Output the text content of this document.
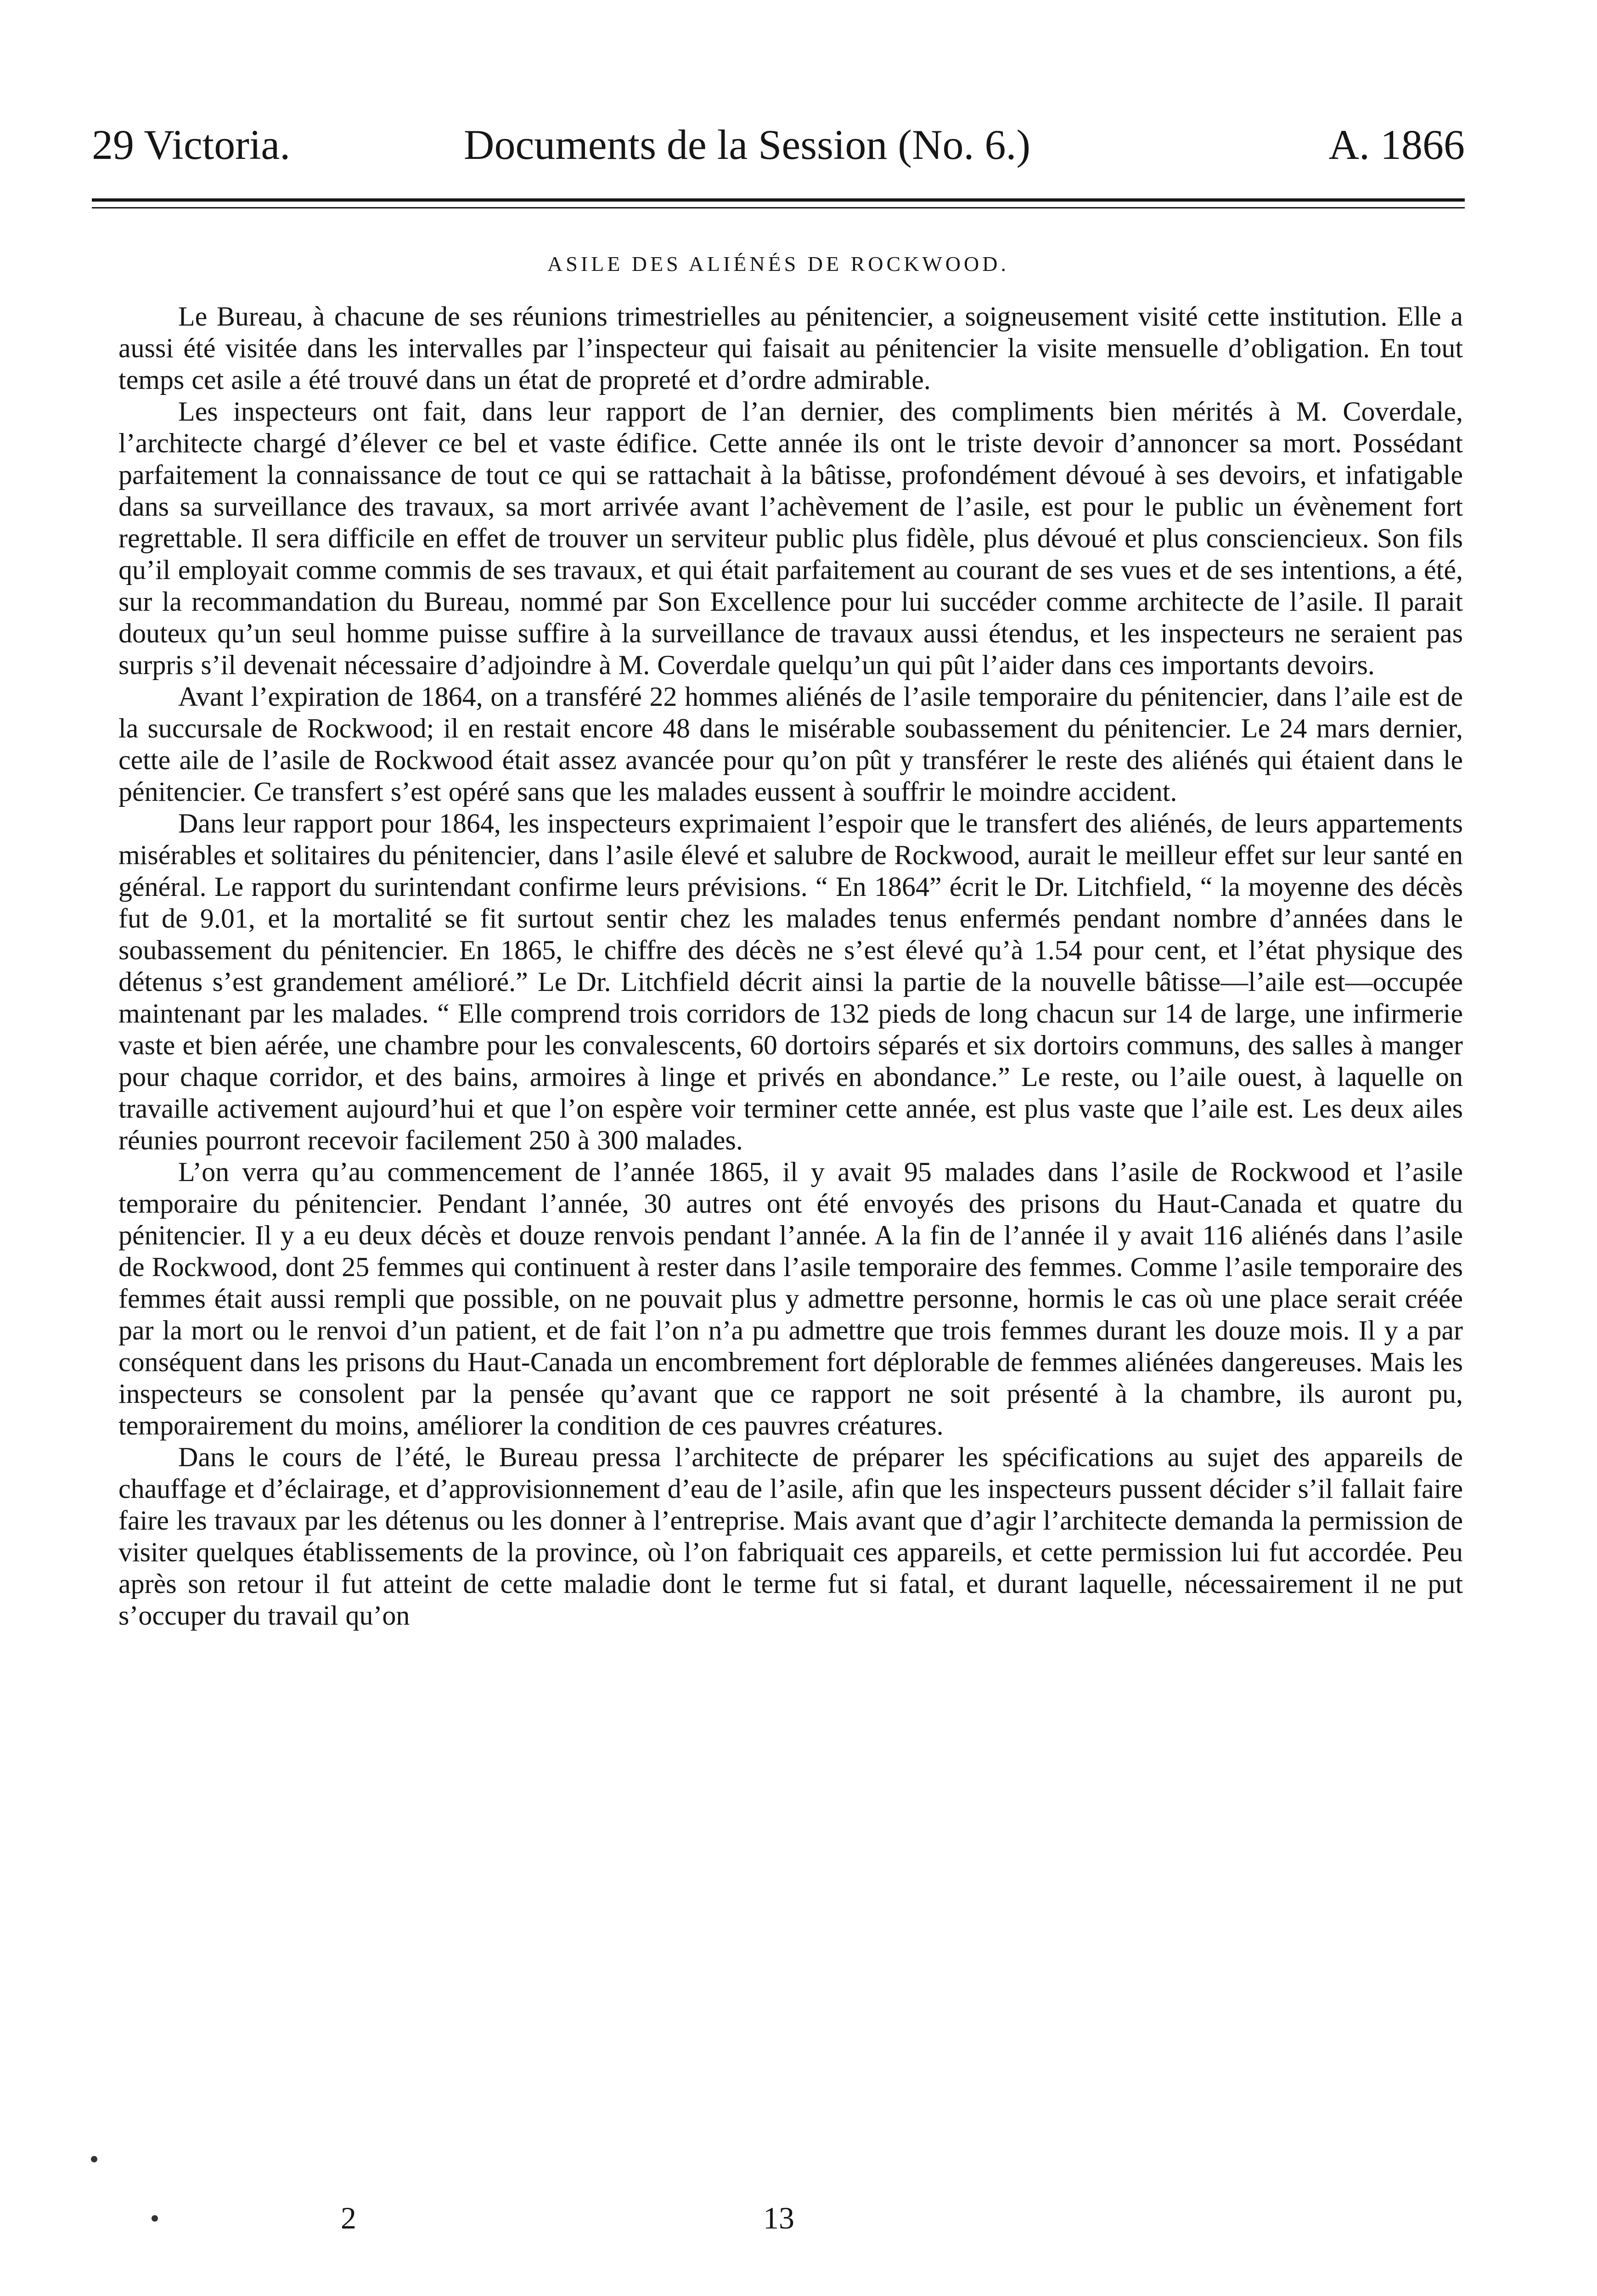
29 Victoria.	Documents de la Session (No. 6.)	A. 1866
ASILE DES ALIÉNÉS DE ROCKWOOD.

Le Bureau, à chacune de ses réunions trimestrielles au pénitencier, a soigneusement visité cette institution. Elle a aussi été visitée dans les intervalles par l’inspecteur qui faisait au pénitencier la visite mensuelle d’obligation. En tout temps cet asile a été trouvé dans un état de propreté et d’ordre admirable.

Les inspecteurs ont fait, dans leur rapport de l’an dernier, des compliments bien mérités à M. Coverdale, l’architecte chargé d’élever ce bel et vaste édifice. Cette année ils ont le triste devoir d’annoncer sa mort. Possédant parfaitement la connaissance de tout ce qui se rattachait à la bâtisse, profondément dévoué à ses devoirs, et infatigable dans sa surveillance des travaux, sa mort arrivée avant l’achèvement de l’asile, est pour le public un évènement fort regrettable. Il sera difficile en effet de trouver un serviteur public plus fidèle, plus dévoué et plus consciencieux. Son fils qu’il employait comme commis de ses travaux, et qui était parfaitement au courant de ses vues et de ses intentions, a été, sur la recommandation du Bureau, nommé par Son Excellence pour lui succéder comme architecte de l’asile. Il parait douteux qu’un seul homme puisse suffire à la surveillance de travaux aussi étendus, et les inspecteurs ne seraient pas surpris s’il devenait nécessaire d’adjoindre à M. Coverdale quelqu’un qui pût l’aider dans ces importants devoirs.

Avant l’expiration de 1864, on a transféré 22 hommes aliénés de l’asile temporaire du pénitencier, dans l’aile est de la succursale de Rockwood; il en restait encore 48 dans le misérable soubassement du pénitencier. Le 24 mars dernier, cette aile de l’asile de Rockwood était assez avancée pour qu’on pût y transférer le reste des aliénés qui étaient dans le pénitencier. Ce transfert s’est opéré sans que les malades eussent à souffrir le moindre accident.

Dans leur rapport pour 1864, les inspecteurs exprimaient l’espoir que le transfert des aliénés, de leurs appartements misérables et solitaires du pénitencier, dans l’asile élevé et salubre de Rockwood, aurait le meilleur effet sur leur santé en général. Le rapport du surintendant confirme leurs prévisions. “ En 1864” écrit le Dr. Litchfield, “ la moyenne des décès fut de 9.01, et la mortalité se fit surtout sentir chez les malades tenus enfermés pendant nombre d’années dans le soubassement du pénitencier. En 1865, le chiffre des décès ne s’est élevé qu’à 1.54 pour cent, et l’état physique des détenus s’est grandement amélioré.” Le Dr. Litchfield décrit ainsi la partie de la nouvelle bâtisse—l’aile est—occupée maintenant par les malades. “ Elle comprend trois corridors de 132 pieds de long chacun sur 14 de large, une infirmerie vaste et bien aérée, une chambre pour les convalescents, 60 dortoirs séparés et six dortoirs communs, des salles à manger pour chaque corridor, et des bains, armoires à linge et privés en abondance.” Le reste, ou l’aile ouest, à laquelle on travaille activement aujourd’hui et que l’on espère voir terminer cette année, est plus vaste que l’aile est. Les deux ailes réunies pourront recevoir facilement 250 à 300 malades.

L’on verra qu’au commencement de l’année 1865, il y avait 95 malades dans l’asile de Rockwood et l’asile temporaire du pénitencier. Pendant l’année, 30 autres ont été envoyés des prisons du Haut-Canada et quatre du pénitencier. Il y a eu deux décès et douze renvois pendant l’année. A la fin de l’année il y avait 116 aliénés dans l’asile de Rockwood, dont 25 femmes qui continuent à rester dans l’asile temporaire des femmes. Comme l’asile temporaire des femmes était aussi rempli que possible, on ne pouvait plus y admettre personne, hormis le cas où une place serait créée par la mort ou le renvoi d’un patient, et de fait l’on n’a pu admettre que trois femmes durant les douze mois. Il y a par conséquent dans les prisons du Haut-Canada un encombrement fort déplorable de femmes aliénées dangereuses. Mais les inspecteurs se consolent par la pensée qu’avant que ce rapport ne soit présenté à la chambre, ils auront pu, temporairement du moins, améliorer la condition de ces pauvres créatures.

Dans le cours de l’été, le Bureau pressa l’architecte de préparer les spécifications au sujet des appareils de chauffage et d’éclairage, et d’approvisionnement d’eau de l’asile, afin que les inspecteurs pussent décider s’il fallait faire faire les travaux par les détenus ou les donner à l’entreprise. Mais avant que d’agir l’architecte demanda la permission de visiter quelques établissements de la province, où l’on fabriquait ces appareils, et cette permission lui fut accordée. Peu après son retour il fut atteint de cette maladie dont le terme fut si fatal, et durant laquelle, nécessairement il ne put s’occuper du travail qu’on

2	13
